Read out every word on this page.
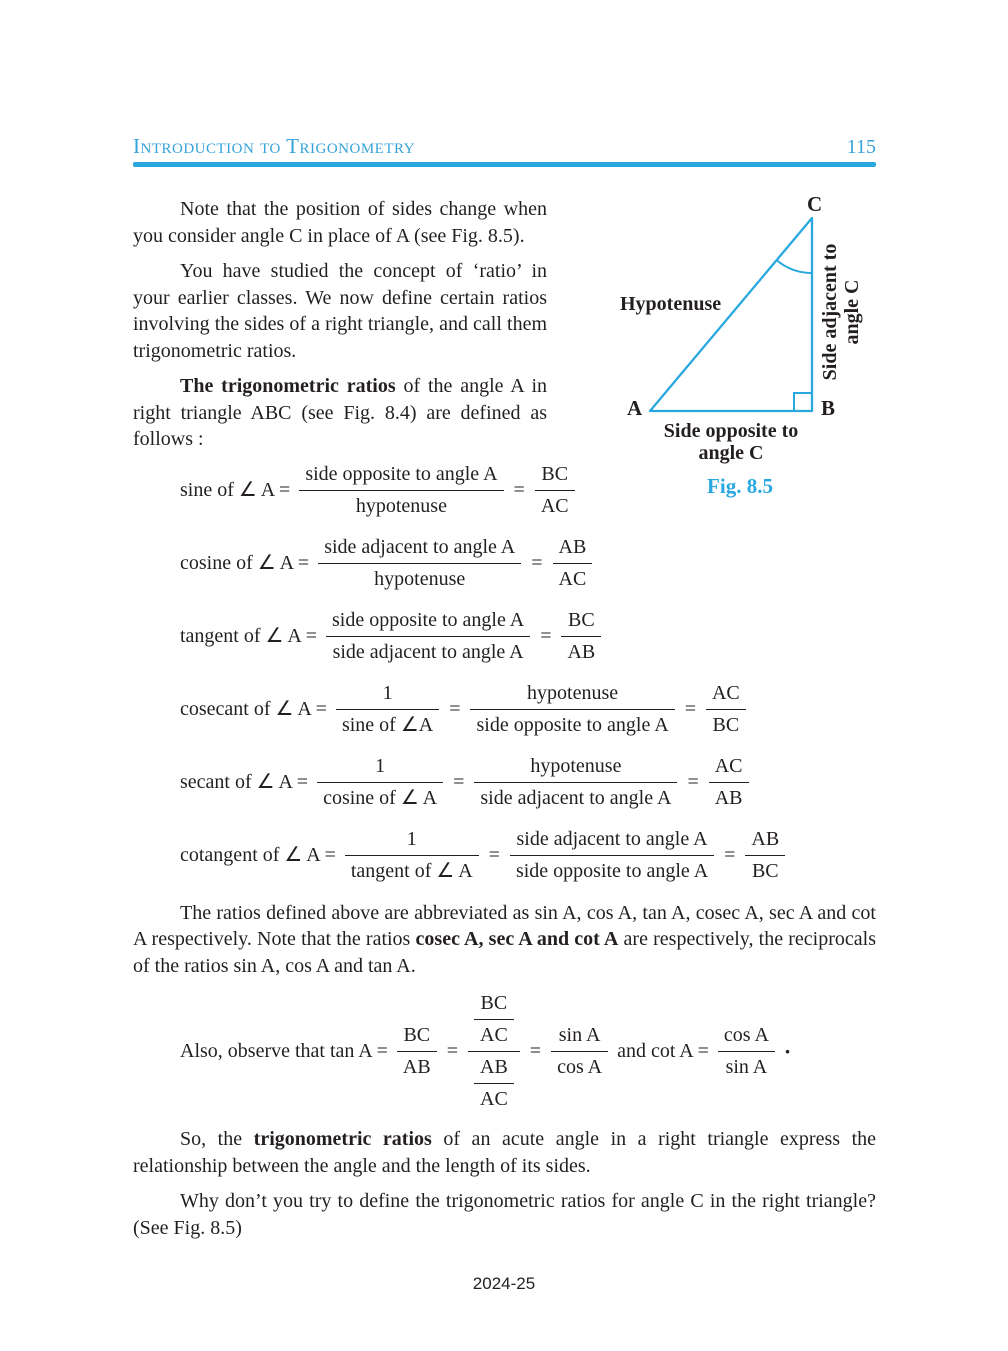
Introduction to Trigonometry	115
C
A	B
Hypotenuse	Side adjacent to angle C
Side opposite to
angle C
Fig. 8.5

Note that the position of sides change when you consider angle C in place of A (see Fig. 8.5).

You have studied the concept of ‘ratio’ in your earlier classes. We now define certain ratios involving the sides of a right triangle, and call them trigonometric ratios.

The trigonometric ratios of the angle A in right triangle ABC (see Fig. 8.4) are defined as follows :

sine of ∠ $A = \frac{\text{side opposite to angle A}}{\text{hypotenuse}} = \frac{BC}{AC}$
cosine of ∠ $A = \frac{\text{side adjacent to angle A}}{\text{hypotenuse}} = \frac{AB}{AC}$
tangent of ∠ $A = \frac{\text{side opposite to angle A}}{\text{side adjacent to angle A}} = \frac{BC}{AB}$
cosecant of ∠ $A = \frac{1}{\text{sine of ∠A}} = \frac{\text{hypotenuse}}{\text{side opposite to angle A}} = \frac{AC}{BC}$
secant of ∠ $A = \frac{1}{\text{cosine of ∠ A}} = \frac{\text{hypotenuse}}{\text{side adjacent to angle A}} = \frac{AC}{AB}$
cotangent of ∠ $A = \frac{1}{\text{tangent of ∠ A}} = \frac{\text{side adjacent to angle A}}{\text{side opposite to angle A}} = \frac{AB}{BC}$

The ratios defined above are abbreviated as sin A, cos A, tan A, cosec A, sec A and cot A respectively. Note that the ratios cosec A, sec A and cot A are respectively, the reciprocals of the ratios sin A, cos A and tan A.

Also, observe that $\tan A = \frac{BC}{AB} = \frac{\frac{BC}{AC}}{\frac{AB}{AC}} = \frac{\text{sin A}}{\text{cos A}}$ and $\cot A = \frac{\text{cos A}}{\text{sin A}}$ ·

So, the trigonometric ratios of an acute angle in a right triangle express the relationship between the angle and the length of its sides.

Why don’t you try to define the trigonometric ratios for angle C in the right triangle? (See Fig. 8.5)

2024-25
